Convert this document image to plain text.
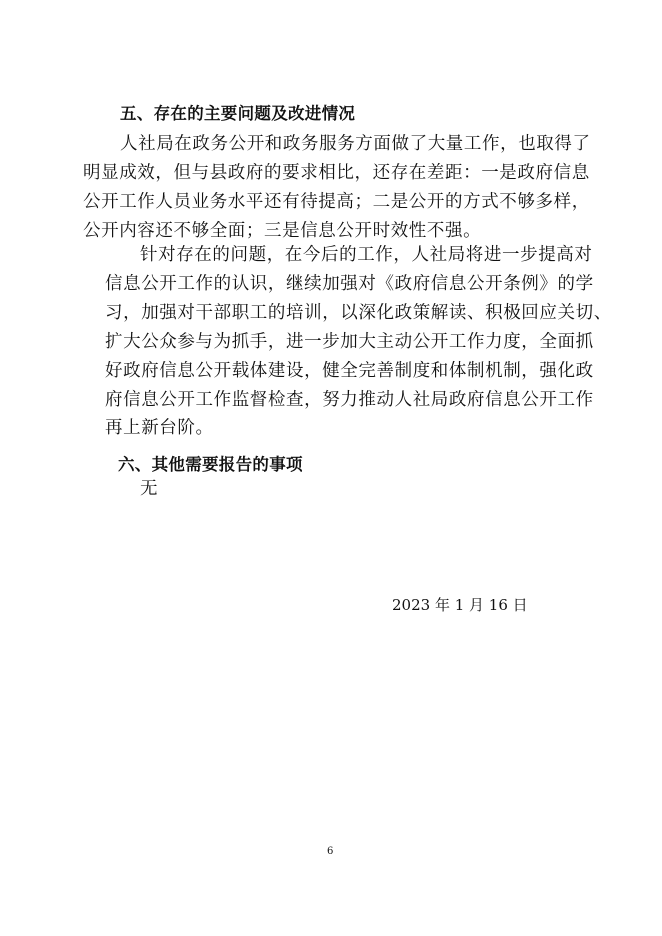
五、存在的主要问题及改进情况
人社局在政务公开和政务服务方面做了大量工作，也取得了
明显成效，但与县政府的要求相比，还存在差距：一是政府信息
公开工作人员业务水平还有待提高；二是公开的方式不够多样，
公开内容还不够全面；三是信息公开时效性不强。
针对存在的问题，在今后的工作，人社局将进一步提高对
信息公开工作的认识，继续加强对《政府信息公开条例》的学
习，加强对干部职工的培训，以深化政策解读、积极回应关切、
扩大公众参与为抓手，进一步加大主动公开工作力度，全面抓
好政府信息公开载体建设，健全完善制度和体制机制，强化政
府信息公开工作监督检查，努力推动人社局政府信息公开工作
再上新台阶。
六、其他需要报告的事项
无
2023 年 1 月 16 日
6
